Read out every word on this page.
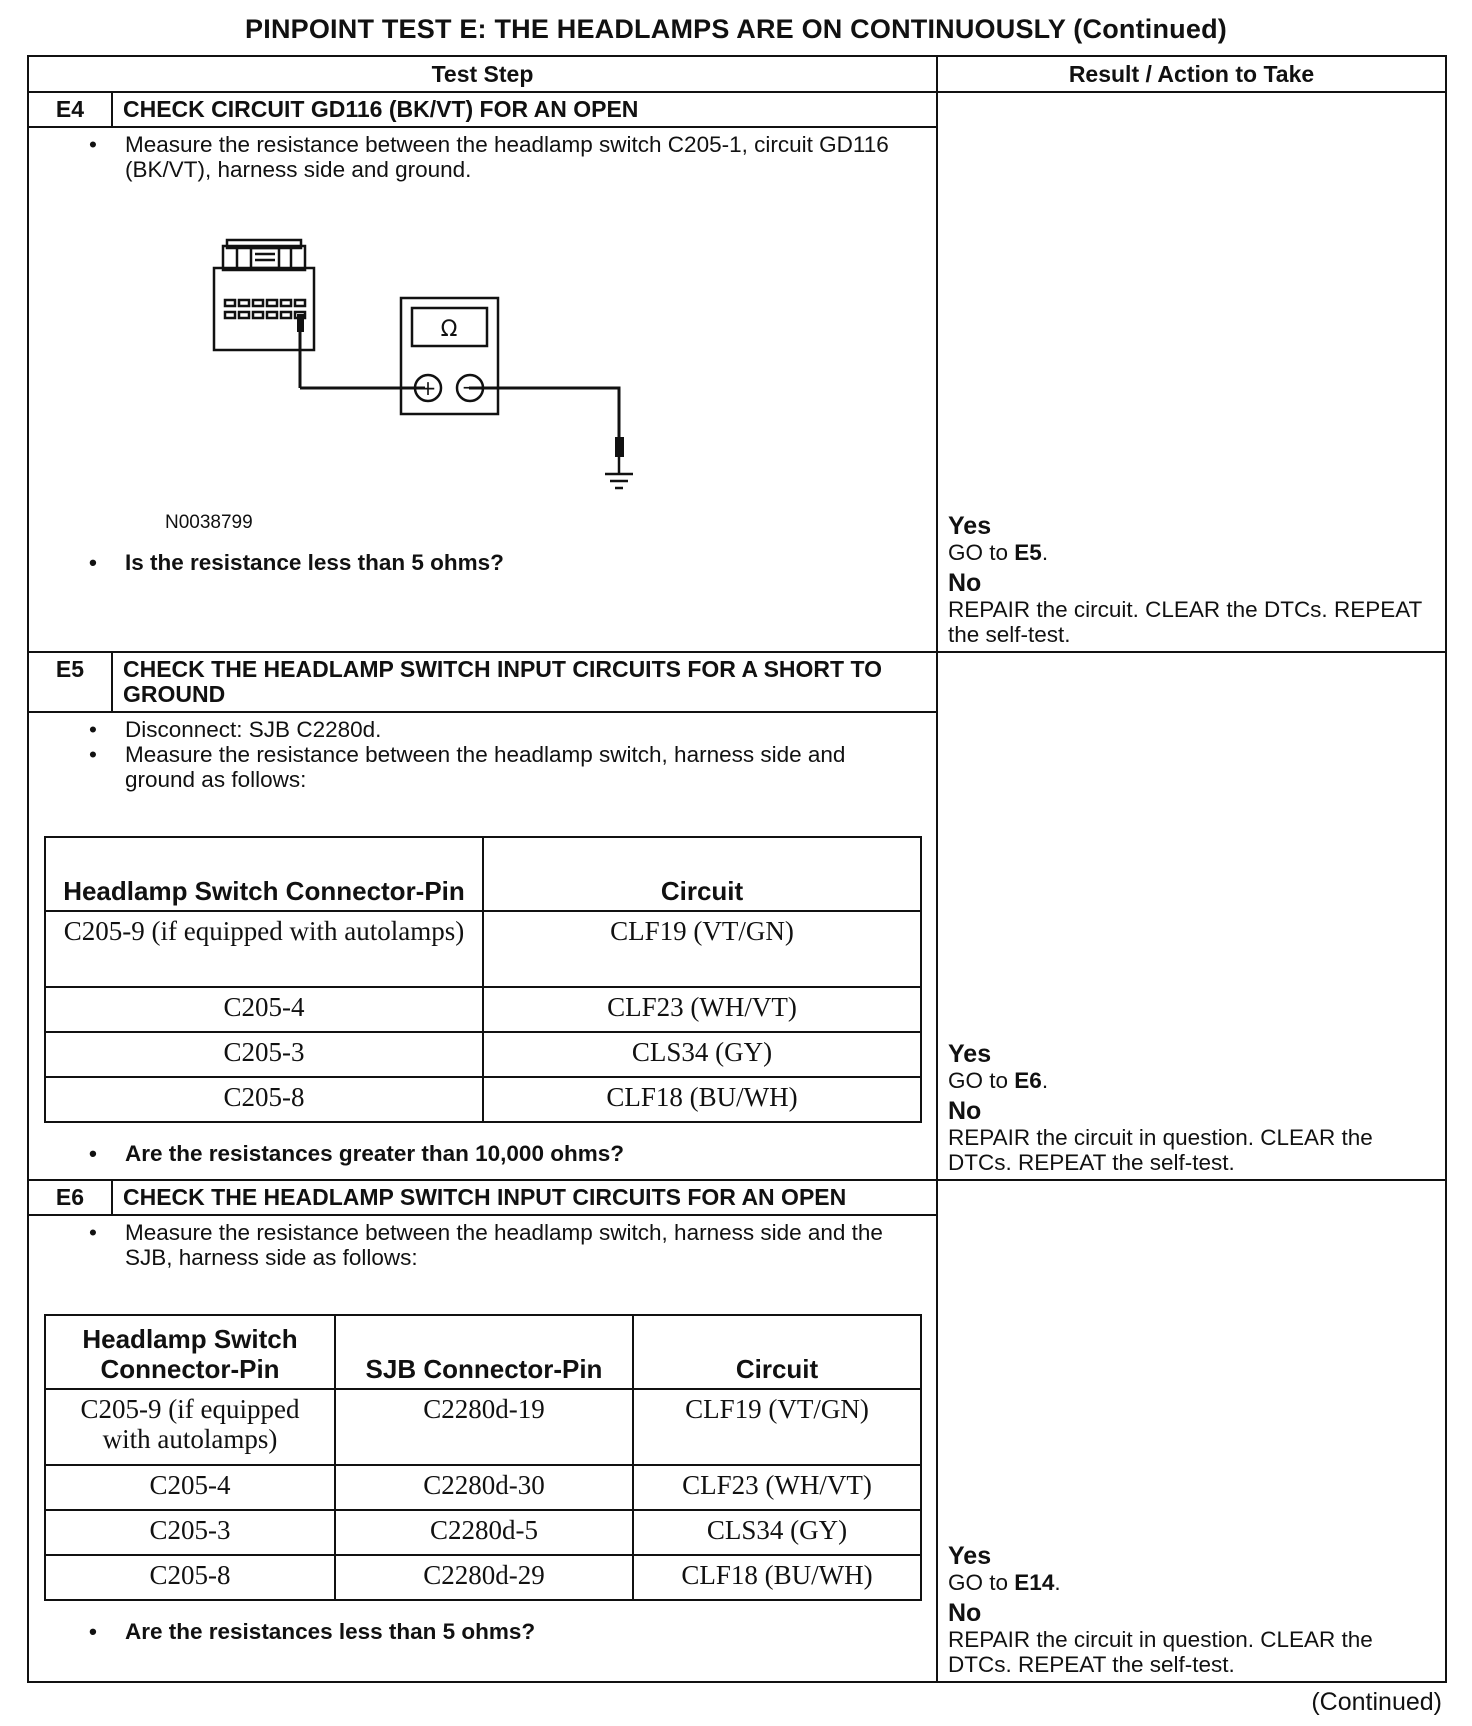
PINPOINT TEST E: THE HEADLAMPS ARE ON CONTINUOUSLY (Continued)
Test Step	Result / Action to Take

E4	CHECK CIRCUIT GD116 (BK/VT) FOR AN OPEN
• Measure the resistance between the headlamp switch C205-1, circuit GD116 (BK/VT), harness side and ground.
Ω
+ −
N0038799
• Is the resistance less than 5 ohms?

Yes
GO to E5.
No
REPAIR the circuit. CLEAR the DTCs. REPEAT the self-test.

E5	CHECK THE HEADLAMP SWITCH INPUT CIRCUITS FOR A SHORT TO GROUND
• Disconnect: SJB C2280d.
• Measure the resistance between the headlamp switch, harness side and ground as follows:
Headlamp Switch Connector-Pin	Circuit
C205-9 (if equipped with autolamps)	CLF19 (VT/GN)
C205-4	CLF23 (WH/VT)
C205-3	CLS34 (GY)
C205-8	CLF18 (BU/WH)
• Are the resistances greater than 10,000 ohms?

Yes
GO to E6.
No
REPAIR the circuit in question. CLEAR the DTCs. REPEAT the self-test.

E6	CHECK THE HEADLAMP SWITCH INPUT CIRCUITS FOR AN OPEN
• Measure the resistance between the headlamp switch, harness side and the SJB, harness side as follows:
Headlamp Switch Connector-Pin	SJB Connector-Pin	Circuit
C205-9 (if equipped with autolamps)	C2280d-19	CLF19 (VT/GN)
C205-4	C2280d-30	CLF23 (WH/VT)
C205-3	C2280d-5	CLS34 (GY)
C205-8	C2280d-29	CLF18 (BU/WH)
• Are the resistances less than 5 ohms?

Yes
GO to E14.
No
REPAIR the circuit in question. CLEAR the DTCs. REPEAT the self-test.
(Continued)
